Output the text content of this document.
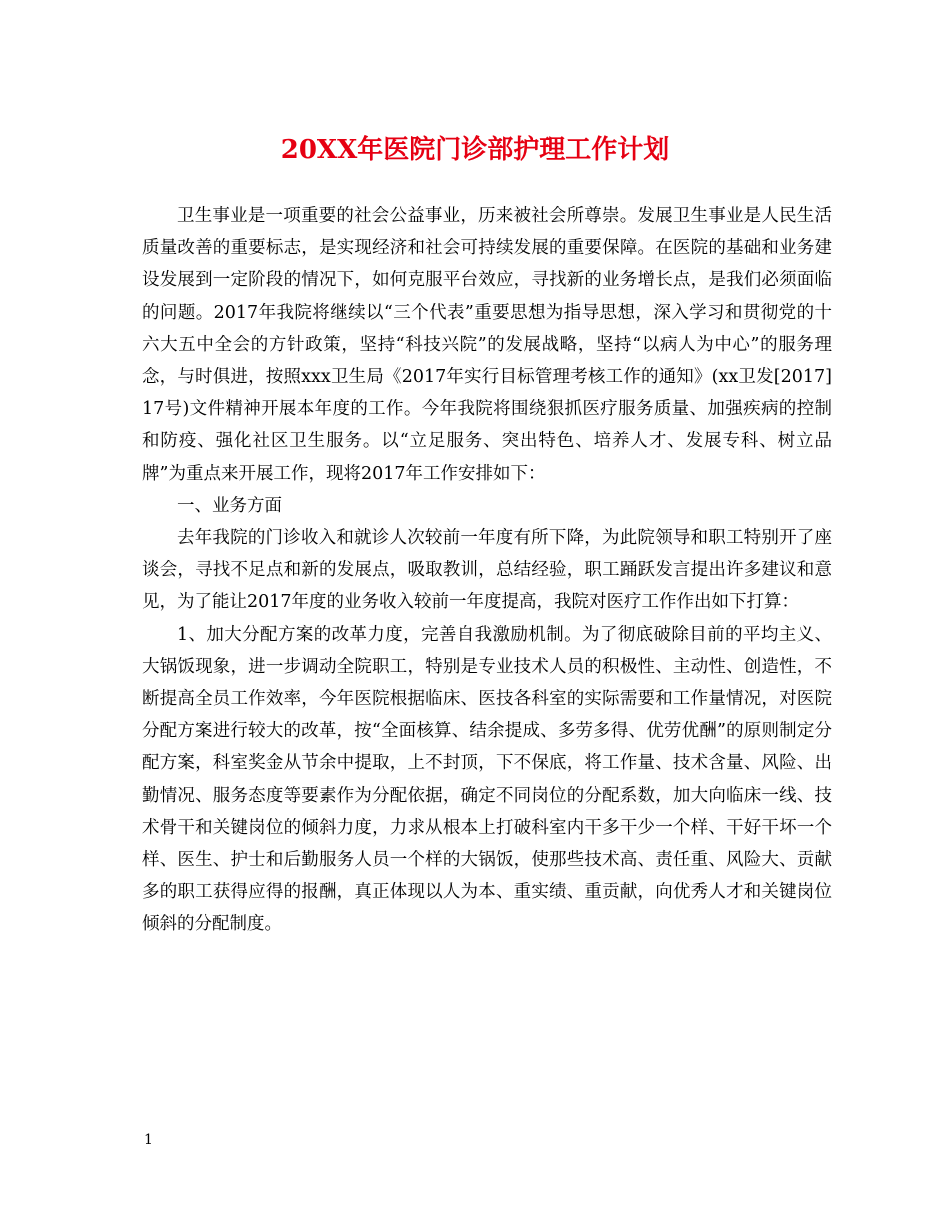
20XX年医院门诊部护理工作计划

卫生事业是一项重要的社会公益事业，历来被社会所尊崇。发展卫生事业是人民生活质量改善的重要标志，是实现经济和社会可持续发展的重要保障。在医院的基础和业务建设发展到一定阶段的情况下，如何克服平台效应，寻找新的业务增长点，是我们必须面临的问题。2017年我院将继续以“三个代表”重要思想为指导思想，深入学习和贯彻党的十六大五中全会的方针政策，坚持“科技兴院”的发展战略，坚持“以病人为中心”的服务理念，与时俱进，按照xxx卫生局《2017年实行目标管理考核工作的通知》(xx卫发[2017]17号)文件精神开展本年度的工作。今年我院将围绕狠抓医疗服务质量、加强疾病的控制和防疫、强化社区卫生服务。以“立足服务、突出特色、培养人才、发展专科、树立品牌”为重点来开展工作，现将2017年工作安排如下：

一、业务方面

去年我院的门诊收入和就诊人次较前一年度有所下降，为此院领导和职工特别开了座谈会，寻找不足点和新的发展点，吸取教训，总结经验，职工踊跃发言提出许多建议和意见，为了能让2017年度的业务收入较前一年度提高，我院对医疗工作作出如下打算：

1、加大分配方案的改革力度，完善自我激励机制。为了彻底破除目前的平均主义、大锅饭现象，进一步调动全院职工，特别是专业技术人员的积极性、主动性、创造性，不断提高全员工作效率，今年医院根据临床、医技各科室的实际需要和工作量情况，对医院分配方案进行较大的改革，按“全面核算、结余提成、多劳多得、优劳优酬”的原则制定分配方案，科室奖金从节余中提取，上不封顶，下不保底，将工作量、技术含量、风险、出勤情况、服务态度等要素作为分配依据，确定不同岗位的分配系数，加大向临床一线、技术骨干和关键岗位的倾斜力度，力求从根本上打破科室内干多干少一个样、干好干坏一个样、医生、护士和后勤服务人员一个样的大锅饭，使那些技术高、责任重、风险大、贡献多的职工获得应得的报酬，真正体现以人为本、重实绩、重贡献，向优秀人才和关键岗位倾斜的分配制度。

1
